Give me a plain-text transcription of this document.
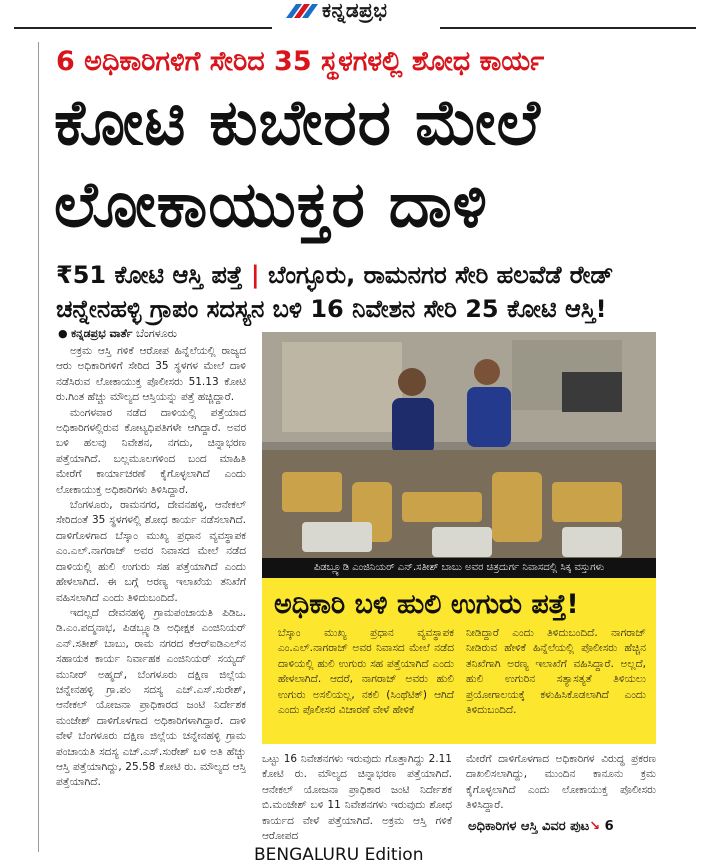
ಕನ್ನಡಪ್ರಭ
6 ಅಧಿಕಾರಿಗಳಿಗೆ ಸೇರಿದ 35 ಸ್ಥಳಗಳಲ್ಲಿ ಶೋಧ ಕಾರ್ಯ
ಕೋಟಿ ಕುಬೇರರ ಮೇಲೆ
ಲೋಕಾಯುಕ್ತರ ದಾಳಿ
₹51 ಕೋಟಿ ಆಸ್ತಿ ಪತ್ತೆ | ಬೆಂಗ್ಳೂರು, ರಾಮನಗರ ಸೇರಿ ಹಲವೆಡೆ ರೇಡ್
ಚನ್ನೇನಹಳ್ಳಿ ಗ್ರಾಪಂ ಸದಸ್ಯನ ಬಳಿ 16 ನಿವೇಶನ ಸೇರಿ 25 ಕೋಟಿ ಆಸ್ತಿ!
● ಕನ್ನಡಪ್ರಭ ವಾರ್ತೆ ಬೆಂಗಳೂರು

ಅಕ್ರಮ ಆಸ್ತಿ ಗಳಿಕೆ ಆರೋಪ ಹಿನ್ನೆಲೆಯಲ್ಲಿ ರಾಜ್ಯದ ಆರು ಅಧಿಕಾರಿಗಳಿಗೆ ಸೇರಿದ 35 ಸ್ಥಳಗಳ ಮೇಲೆ ದಾಳಿ ನಡೆಸಿರುವ ಲೋಕಾಯುಕ್ತ ಪೊಲೀಸರು 51.13 ಕೋಟಿ ರು.ಗಿಂತ ಹೆಚ್ಚು ಮೌಲ್ಯದ ಆಸ್ತಿಯನ್ನು ಪತ್ತೆ ಹಚ್ಚಿದ್ದಾರೆ.

ಮಂಗಳವಾರ ನಡೆದ ದಾಳಿಯಲ್ಲಿ ಪತ್ತೆಯಾದ ಅಧಿಕಾರಿಗಳಲ್ಲಿರುವ ಕೋಟ್ಯಧಿಪತಿಗಳೇ ಆಗಿದ್ದಾರೆ. ಅವರ ಬಳಿ ಹಲವು ನಿವೇಶನ, ನಗದು, ಚಿನ್ನಾಭರಣ ಪತ್ತೆಯಾಗಿದೆ. ಬಲ್ಲಮೂಲಗಳಿಂದ ಬಂದ ಮಾಹಿತಿ ಮೇರೆಗೆ ಕಾರ್ಯಾಚರಣೆ ಕೈಗೊಳ್ಳಲಾಗಿದೆ ಎಂದು ಲೋಕಾಯುಕ್ತ ಅಧಿಕಾರಿಗಳು ತಿಳಿಸಿದ್ದಾರೆ.

ಬೆಂಗಳೂರು, ರಾಮನಗರ, ದೇವನಹಳ್ಳಿ, ಆನೇಕಲ್ ಸೇರಿದಂತೆ 35 ಸ್ಥಳಗಳಲ್ಲಿ ಶೋಧ ಕಾರ್ಯ ನಡೆಸಲಾಗಿದೆ. ದಾಳಿಗೊಳಗಾದ ಬೆಸ್ಕಾಂ ಮುಖ್ಯ ಪ್ರಧಾನ ವ್ಯವಸ್ಥಾಪಕ ಎಂ.ಎಲ್.ನಾಗರಾಜ್ ಅವರ ನಿವಾಸದ ಮೇಲೆ ನಡೆದ ದಾಳಿಯಲ್ಲಿ ಹುಲಿ ಉಗುರು ಸಹ ಪತ್ತೆಯಾಗಿದೆ ಎಂದು ಹೇಳಲಾಗಿದೆ. ಈ ಬಗ್ಗೆ ಅರಣ್ಯ ಇಲಾಖೆಯ ತನಿಖೆಗೆ ವಹಿಸಲಾಗಿದೆ ಎಂದು ತಿಳಿದುಬಂದಿದೆ.

ಇದಲ್ಲದೆ ದೇವನಹಳ್ಳಿ ಗ್ರಾಮಪಂಚಾಯತಿ ಪಿಡಿಒ. ಡಿ.ಎಂ.ಪದ್ಮನಾಭ, ಪಿಡಬ್ಲ್ಯೂಡಿ ಅಧೀಕ್ಷಕ ಎಂಜಿನಿಯರ್ ಎನ್.ಸತೀಶ್ ಬಾಬು, ರಾಮ ನಗರದ ಕೆಆರ್‌ಐಡಿಎಲ್‌ನ ಸಹಾಯಕ ಕಾರ್ಯ ನಿರ್ವಾಹಕ ಎಂಜಿನಿಯರ್ ಸಯ್ಯದ್ ಮುನೀರ್ ಅಹ್ಮದ್, ಬೆಂಗಳೂರು ದಕ್ಷಿಣ ಜಿಲ್ಲೆಯ ಚನ್ನೇನಹಳ್ಳಿ ಗ್ರಾ.ಪಂ ಸದಸ್ಯ ಎಚ್.ಎಸ್.ಸುರೇಶ್, ಆನೇಕಲ್ ಯೋಜನಾ ಪ್ರಾಧಿಕಾರದ ಜಂಟಿ ನಿರ್ದೇಶಕ ಮಂಜೇಶ್ ದಾಳಿಗೊಳಗಾದ ಅಧಿಕಾರಿಗಳಾಗಿದ್ದಾರೆ. ದಾಳಿ ವೇಳೆ ಬೆಂಗಳೂರು ದಕ್ಷಿಣ ಜಿಲ್ಲೆಯ ಚನ್ನೇನಹಳ್ಳಿ ಗ್ರಾಮ ಪಂಚಾಯತಿ ಸದಸ್ಯ ಎಚ್.ಎಸ್.ಸುರೇಶ್ ಬಳಿ ಅತಿ ಹೆಚ್ಚು ಆಸ್ತಿ ಪತ್ತೆಯಾಗಿದ್ದು, 25.58 ಕೋಟಿ ರು. ಮೌಲ್ಯದ ಆಸ್ತಿ ಪತ್ತೆಯಾಗಿದೆ.

ಪಿಡಬ್ಲ್ಯೂಡಿ ಎಂಜಿನಿಯರ್ ಎನ್.ಸತೀಶ್ ಬಾಬು ಅವರ ಚಿತ್ರದುರ್ಗ ನಿವಾಸದಲ್ಲಿ ಸಿಕ್ಕ ವಸ್ತುಗಳು
ಅಧಿಕಾರಿ ಬಳಿ ಹುಲಿ ಉಗುರು ಪತ್ತೆ!
ಬೆಸ್ಕಾಂ ಮುಖ್ಯ ಪ್ರಧಾನ ವ್ಯವಸ್ಥಾಪಕ ಎಂ.ಎಲ್.ನಾಗರಾಜ್ ಅವರ ನಿವಾಸದ ಮೇಲೆ ನಡೆದ ದಾಳಿಯಲ್ಲಿ ಹುಲಿ ಉಗುರು ಸಹ ಪತ್ತೆಯಾಗಿದೆ ಎಂದು ಹೇಳಲಾಗಿದೆ. ಆದರೆ, ನಾಗರಾಜ್ ಅವರು ಹುಲಿ ಉಗುರು ಅಸಲಿಯಲ್ಲ, ನಕಲಿ (ಸಿಂಥೆಟಿಕ್) ಆಗಿದೆ ಎಂದು ಪೊಲೀಸರ ವಿಚಾರಣೆ ವೇಳೆ ಹೇಳಿಕೆ
ನೀಡಿದ್ದಾರೆ ಎಂದು ತಿಳಿದುಬಂದಿದೆ. ನಾಗರಾಜ್ ನೀಡಿರುವ ಹೇಳಿಕೆ ಹಿನ್ನೆಲೆಯಲ್ಲಿ ಪೊಲೀಸರು ಹೆಚ್ಚಿನ ತನಿಖೆಗಾಗಿ ಅರಣ್ಯ ಇಲಾಖೆಗೆ ವಹಿಸಿದ್ದಾರೆ. ಅಲ್ಲದೆ, ಹುಲಿ ಉಗುರಿನ ಸತ್ಯಾಸತ್ಯತೆ ತಿಳಿಯಲು ಪ್ರಯೋಗಾಲಯಕ್ಕೆ ಕಳುಹಿಸಿಕೊಡಲಾಗಿದೆ ಎಂದು ತಿಳಿದುಬಂದಿದೆ.
ಒಟ್ಟು 16 ನಿವೇಶನಗಳು ಇರುವುದು ಗೊತ್ತಾಗಿದ್ದು 2.11 ಕೋಟಿ ರು. ಮೌಲ್ಯದ ಚಿನ್ನಾಭರಣ ಪತ್ತೆಯಾಗಿದೆ. ಆನೇಕಲ್ ಯೋಜನಾ ಪ್ರಾಧಿಕಾರ ಜಂಟಿ ನಿರ್ದೇಶಕ ಬಿ.ಮಂಜೇಶ್ ಬಳಿ 11 ನಿವೇಶನಗಳು ಇರುವುದು ಶೋಧ ಕಾರ್ಯದ ವೇಳೆ ಪತ್ತೆಯಾಗಿದೆ. ಅಕ್ರಮ ಆಸ್ತಿ ಗಳಿಕೆ ಆರೋಪದ
ಮೇರೆಗೆ ದಾಳಿಗೊಳಗಾದ ಅಧಿಕಾರಿಗಳ ವಿರುದ್ಧ ಪ್ರಕರಣ ದಾಖಲಿಸಲಾಗಿದ್ದು, ಮುಂದಿನ ಕಾನೂನು ಕ್ರಮ ಕೈಗೊಳ್ಳಲಾಗಿದೆ ಎಂದು ಲೋಕಾಯುಕ್ತ ಪೊಲೀಸರು ತಿಳಿಸಿದ್ದಾರೆ.
ಅಧಿಕಾರಿಗಳ ಆಸ್ತಿ ವಿವರ ಪುಟ↘ 6
BENGALURU Edition
